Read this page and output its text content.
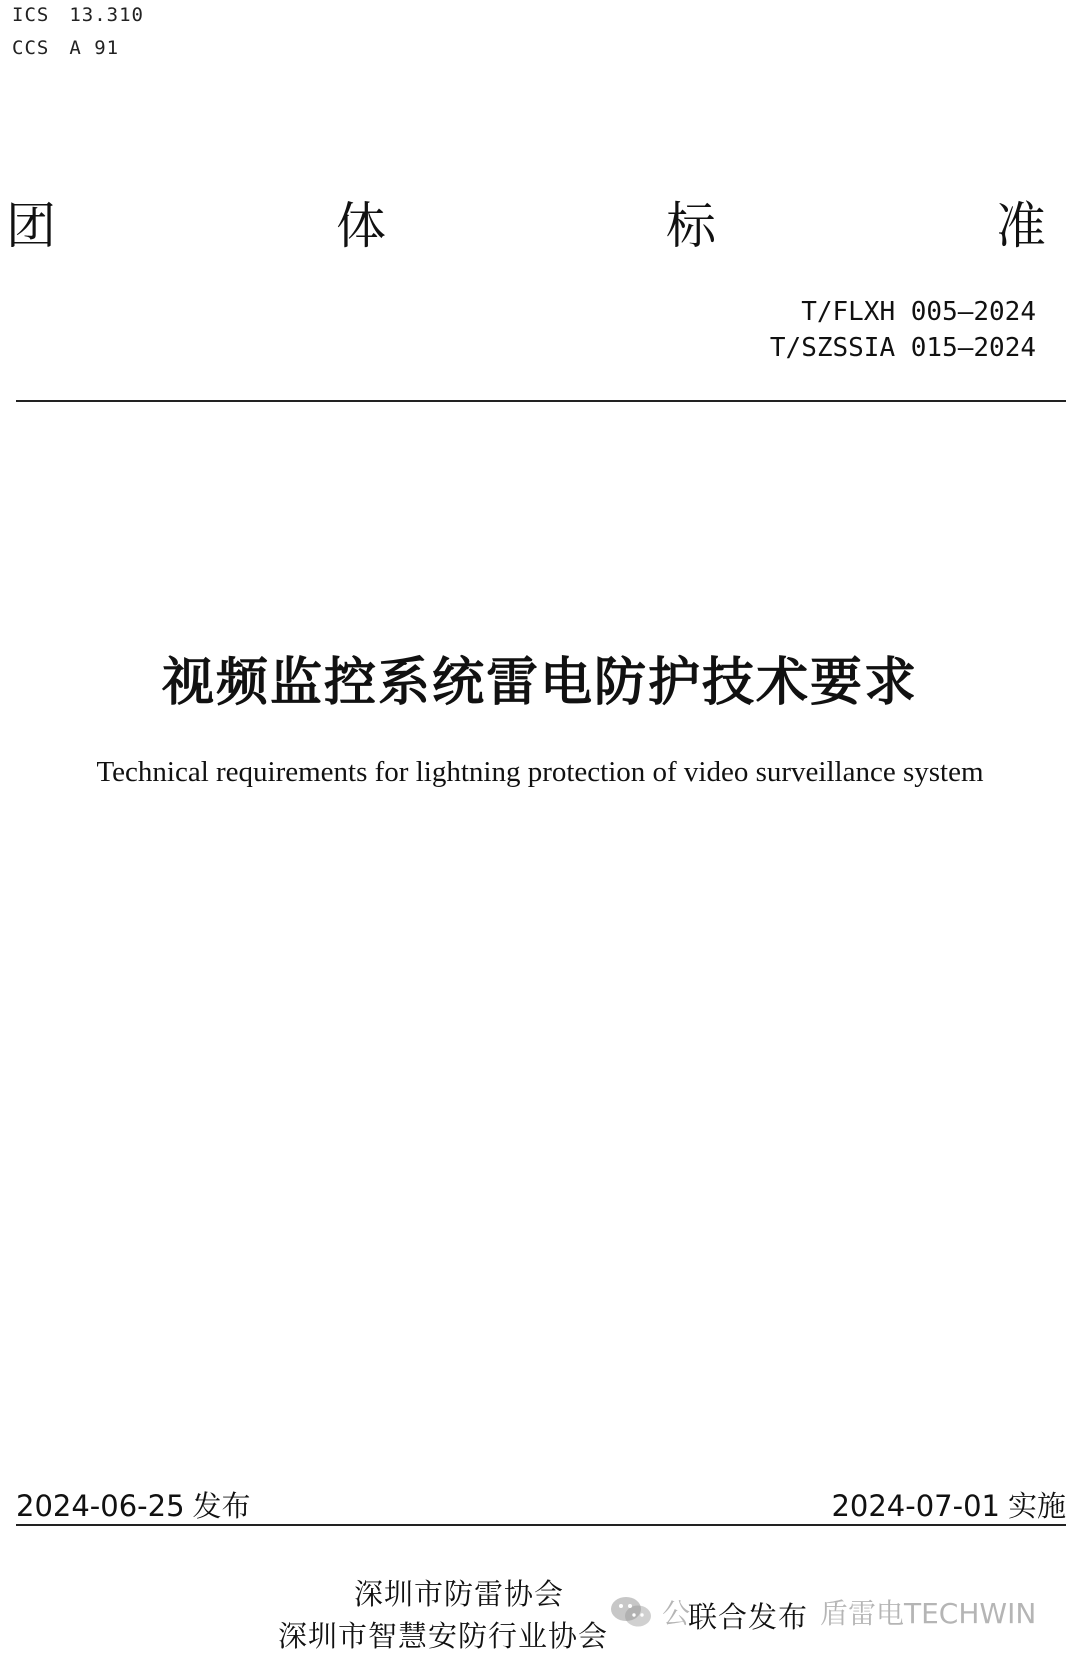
ICS 13.310
CCS A 91
团	体	标	准
T/FLXH 005—2024
T/SZSSIA 015—2024
视频监控系统雷电防护技术要求
Technical requirements for lightning protection of video surveillance system
2024-06-25 发布	2024-07-01 实施
深圳市防雷协会
深圳市智慧安防行业协会
公	盾雷电TECHWIN
联合发布
